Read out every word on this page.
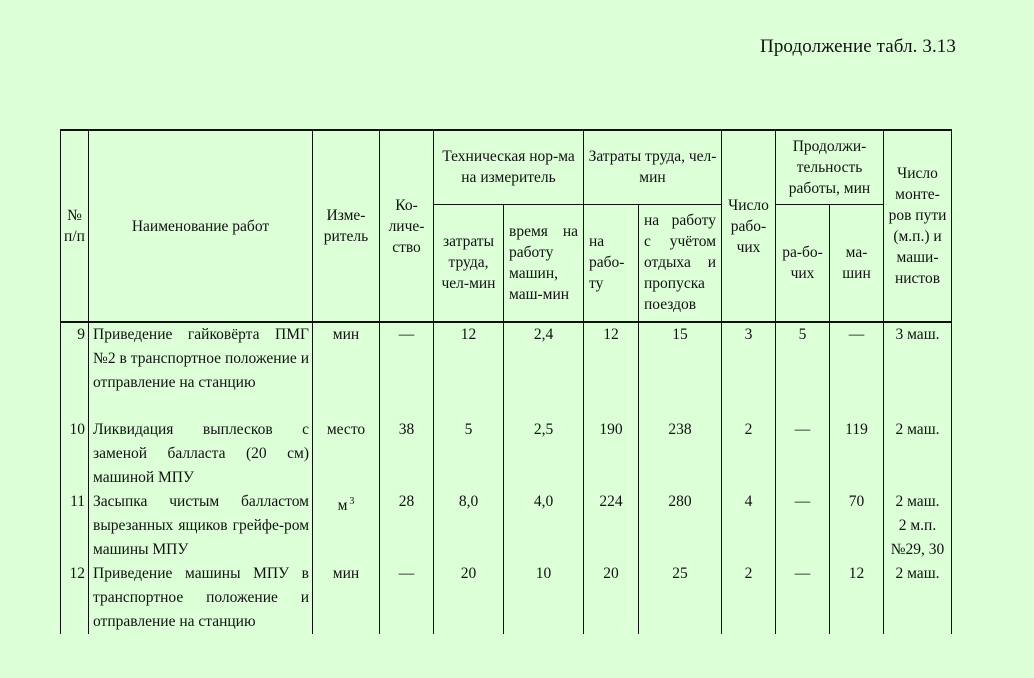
Продолжение табл. 3.13
№ п/п	Наименование работ	Изме-ритель	Ко-личе-ство	Техническая нор-ма на измеритель		Затраты труда, чел-мин		Число рабо-чих	Продолжи-тельность работы, мин		Число монте-ров пути (м.п.) и маши-нистов
				затраты труда, чел-мин	время на работу машин, маш-мин	на рабо-ту	на работу с учётом отдыха и пропуска поездов		ра-бо-чих	ма-шин	
9	Приведение гайковёрта ПМГ №2 в транспортное положение и отправление на станцию	мин	—	12	2,4	12	15	3	5	—	3 маш.
10	Ликвидация выплесков с заменой балласта (20 см) машиной МПУ	место	38	5	2,5	190	238	2	—	119	2 маш.
11	Засыпка чистым балластом вырезанных ящиков грейфе-ром машины МПУ	м $^3$	28	8,0	4,0	224	280	4	—	70	2 маш.
2 м.п.
№29, 30

12	Приведение машины МПУ в транспортное положение и отправление на станцию	мин	—	20	10	20	25	2	—	12	2 маш.
